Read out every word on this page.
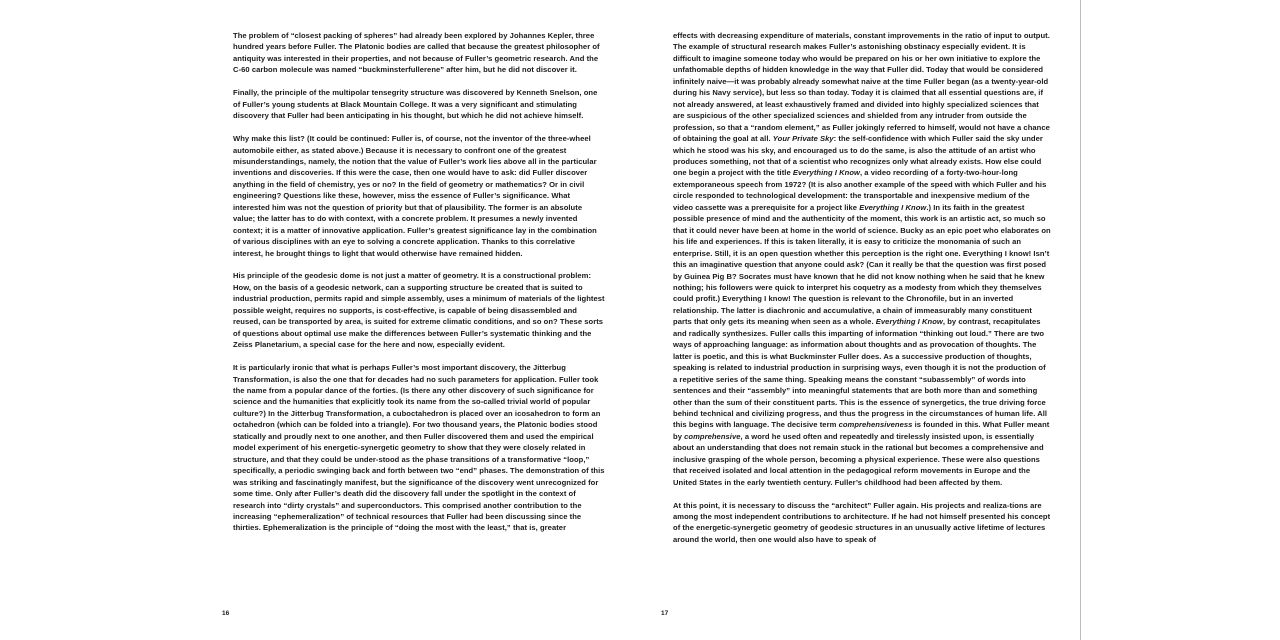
The problem of “closest packing of spheres” had already been explored by Johannes Kepler, three hundred years before Fuller. The Platonic bodies are called that because the greatest philosopher of antiquity was interested in their properties, and not because of Fuller’s geometric research. And the C-60 carbon molecule was named “buckminsterfullerene” after him, but he did not discover it.

Finally, the principle of the multipolar tensegrity structure was discovered by Kenneth Snelson, one of Fuller’s young students at Black Mountain College. It was a very significant and stimulating discovery that Fuller had been anticipating in his thought, but which he did not achieve himself.

Why make this list? (It could be continued: Fuller is, of course, not the inventor of the three-wheel automobile either, as stated above.) Because it is necessary to confront one of the greatest misunderstandings, namely, the notion that the value of Fuller’s work lies above all in the particular inventions and discoveries. If this were the case, then one would have to ask: did Fuller discover anything in the field of chemistry, yes or no? In the field of geometry or mathematics? Or in civil engineering? Questions like these, however, miss the essence of Fuller’s significance. What interested him was not the question of priority but that of plausibility. The former is an absolute value; the latter has to do with context, with a concrete problem. It presumes a newly invented context; it is a matter of innovative application. Fuller’s greatest significance lay in the combination of various disciplines with an eye to solving a concrete application. Thanks to this correlative interest, he brought things to light that would otherwise have remained hidden.

His principle of the geodesic dome is not just a matter of geometry. It is a constructional problem: How, on the basis of a geodesic network, can a supporting structure be created that is suited to industrial production, permits rapid and simple assembly, uses a minimum of materials of the lightest possible weight, requires no supports, is cost-effective, is capable of being disassembled and reused, can be transported by area, is suited for extreme climatic conditions, and so on? These sorts of questions about optimal use make the differences between Fuller’s systematic thinking and the Zeiss Planetarium, a special case for the here and now, especially evident.

It is particularly ironic that what is perhaps Fuller’s most important discovery, the Jitterbug Transformation, is also the one that for decades had no such parameters for application. Fuller took the name from a popular dance of the forties. (Is there any other discovery of such significance for science and the humanities that explicitly took its name from the so-called trivial world of popular culture?) In the Jitterbug Transformation, a cuboctahedron is placed over an icosahedron to form an octahedron (which can be folded into a triangle). For two thousand years, the Platonic bodies stood statically and proudly next to one another, and then Fuller discovered them and used the empirical model experiment of his energetic-synergetic geometry to show that they were closely related in structure, and that they could be under-stood as the phase transitions of a transformative “loop,” specifically, a periodic swinging back and forth between two “end” phases. The demonstration of this was striking and fascinatingly manifest, but the significance of the discovery went unrecognized for some time. Only after Fuller’s death did the discovery fall under the spotlight in the context of research into “dirty crystals” and superconductors. This comprised another contribution to the increasing “ephemeralization” of technical resources that Fuller had been discussing since the thirties. Ephemeralization is the principle of “doing the most with the least,” that is, greater

16

effects with decreasing expenditure of materials, constant improvements in the ratio of input to output. The example of structural research makes Fuller’s astonishing obstinacy especially evident. It is difficult to imagine someone today who would be prepared on his or her own initiative to explore the unfathomable depths of hidden knowledge in the way that Fuller did. Today that would be considered infinitely naive—it was probably already somewhat naive at the time Fuller began (as a twenty-year-old during his Navy service), but less so than today. Today it is claimed that all essential questions are, if not already answered, at least exhaustively framed and divided into highly specialized sciences that are suspicious of the other specialized sciences and shielded from any intruder from outside the profession, so that a “random element,” as Fuller jokingly referred to himself, would not have a chance of obtaining the goal at all. Your Private Sky: the self-confidence with which Fuller said the sky under which he stood was his sky, and encouraged us to do the same, is also the attitude of an artist who produces something, not that of a scientist who recognizes only what already exists. How else could one begin a project with the title Everything I Know, a video recording of a forty-two-hour-long extemporaneous speech from 1972? (It is also another example of the speed with which Fuller and his circle responded to technological development: the transportable and inexpensive medium of the video cassette was a prerequisite for a project like Everything I Know.) In its faith in the greatest possible presence of mind and the authenticity of the moment, this work is an artistic act, so much so that it could never have been at home in the world of science. Bucky as an epic poet who elaborates on his life and experiences. If this is taken literally, it is easy to criticize the monomania of such an enterprise. Still, it is an open question whether this perception is the right one. Everything I know! Isn’t this an imaginative question that anyone could ask? (Can it really be that the question was first posed by Guinea Pig B? Socrates must have known that he did not know nothing when he said that he knew nothing; his followers were quick to interpret his coquetry as a modesty from which they themselves could profit.) Everything I know! The question is relevant to the Chronofile, but in an inverted relationship. The latter is diachronic and accumulative, a chain of immeasurably many constituent parts that only gets its meaning when seen as a whole. Everything I Know, by contrast, recapitulates and radically synthesizes. Fuller calls this imparting of information “thinking out loud.” There are two ways of approaching language: as information about thoughts and as provocation of thoughts. The latter is poetic, and this is what Buckminster Fuller does. As a successive production of thoughts, speaking is related to industrial production in surprising ways, even though it is not the production of a repetitive series of the same thing. Speaking means the constant “subassembly” of words into sentences and their “assembly” into meaningful statements that are both more than and something other than the sum of their constituent parts. This is the essence of synergetics, the true driving force behind technical and civilizing progress, and thus the progress in the circumstances of human life. All this begins with language. The decisive term comprehensiveness is founded in this. What Fuller meant by comprehensive, a word he used often and repeatedly and tirelessly insisted upon, is essentially about an understanding that does not remain stuck in the rational but becomes a comprehensive and inclusive grasping of the whole person, becoming a physical experience. These were also questions that received isolated and local attention in the pedagogical reform movements in Europe and the United States in the early twentieth century. Fuller’s childhood had been affected by them.

At this point, it is necessary to discuss the “architect” Fuller again. His projects and realiza-tions are among the most independent contributions to architecture. If he had not himself presented his concept of the energetic-synergetic geometry of geodesic structures in an unusually active lifetime of lectures around the world, then one would also have to speak of

17
